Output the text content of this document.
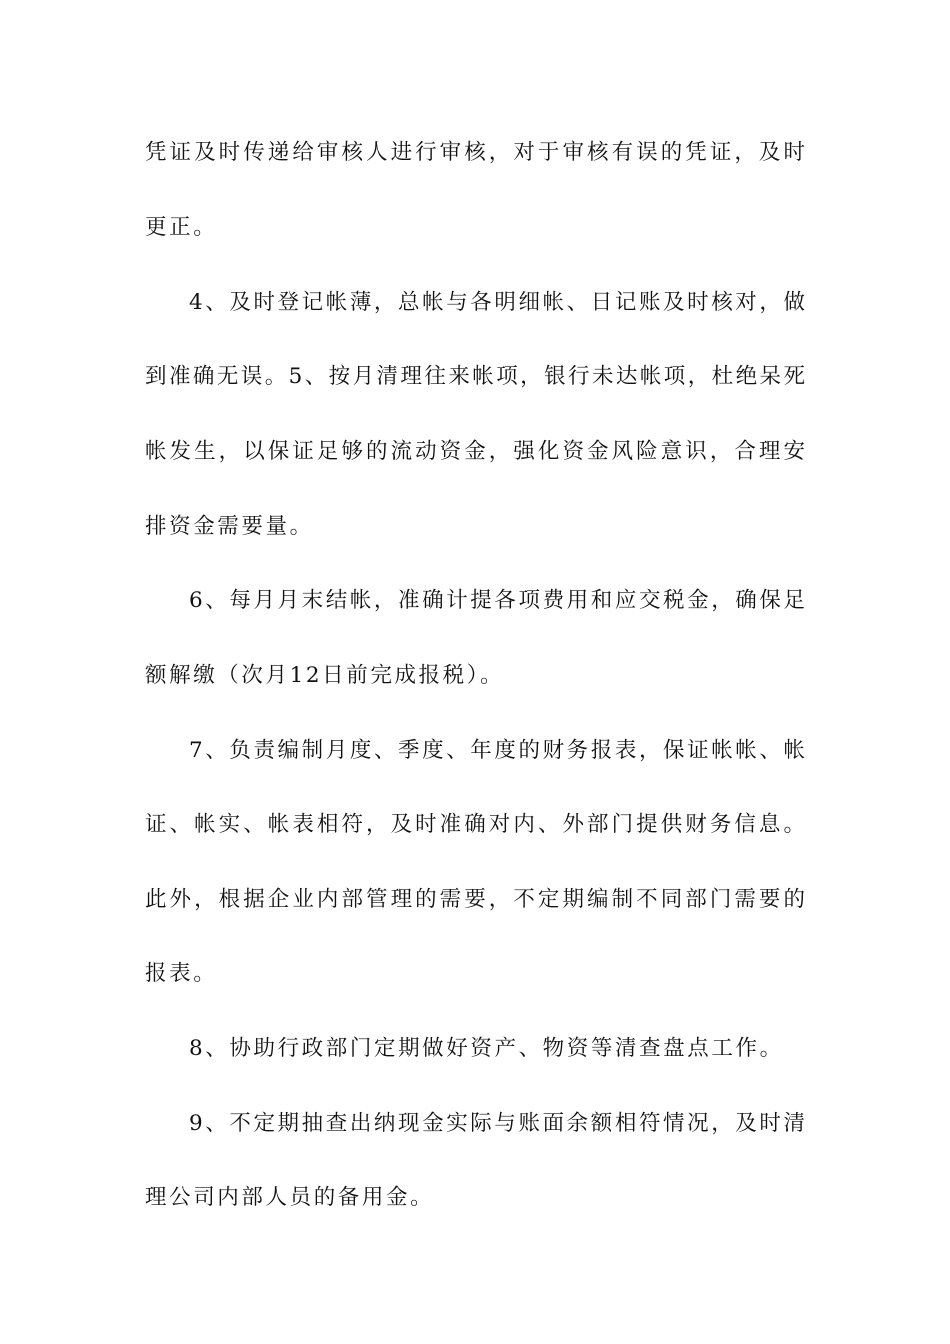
凭证及时传递给审核人进行审核，对于审核有误的凭证，及时
更正。
4、及时登记帐薄，总帐与各明细帐、日记账及时核对，做
到准确无误。5、按月清理往来帐项，银行未达帐项，杜绝呆死
帐发生，以保证足够的流动资金，强化资金风险意识，合理安
排资金需要量。
6、每月月末结帐，准确计提各项费用和应交税金，确保足
额解缴（次月12日前完成报税）。
7、负责编制月度、季度、年度的财务报表，保证帐帐、帐
证、帐实、帐表相符，及时准确对内、外部门提供财务信息。
此外，根据企业内部管理的需要，不定期编制不同部门需要的
报表。
8、协助行政部门定期做好资产、物资等清查盘点工作。
9、不定期抽查出纳现金实际与账面余额相符情况，及时清
理公司内部人员的备用金。
